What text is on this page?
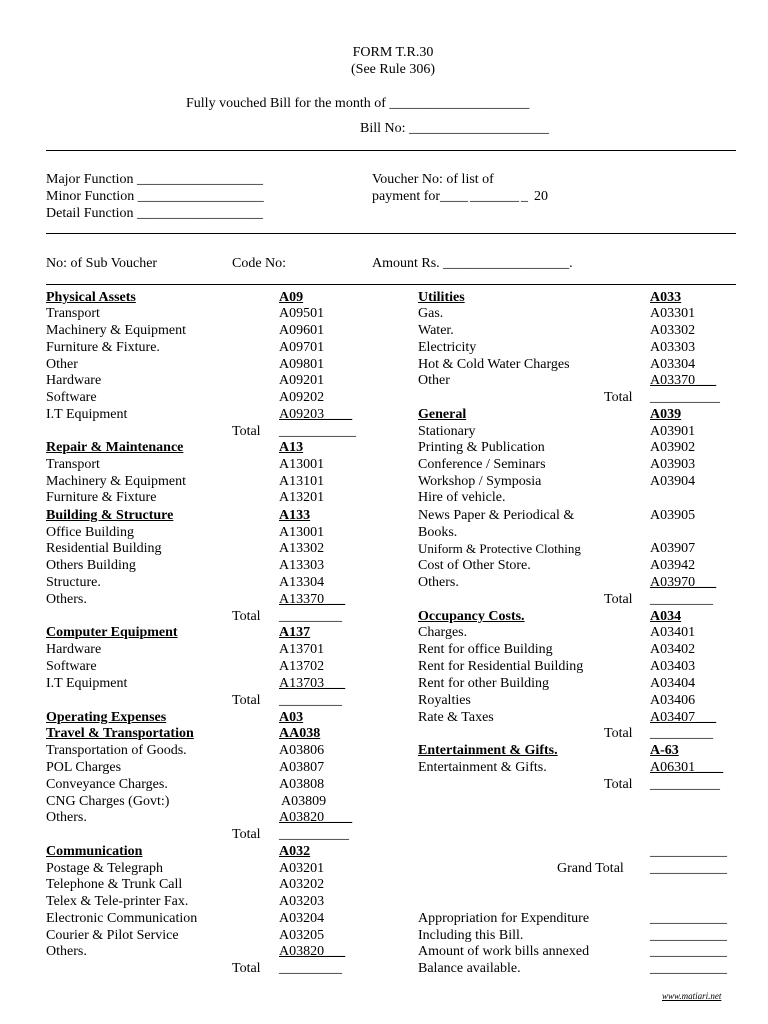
FORM T.R.30
(See Rule 306)
Fully vouched Bill for the month of ____________________
Bill No: ____________________
Major Function __________________
Minor Function __________________
Detail Function __________________
Voucher No: of list of
payment for____ _______ _ 20
No: of Sub Voucher	Code No:	Amount Rs. __________________.
Physical Assets	A09
Transport	A09501
Machinery & Equipment	A09601
Furniture & Fixture.	A09701
Other	A09801
Hardware	A09201
Software	A09202
I.T Equipment	A09203____
Total ___________
Repair & Maintenance	A13
Transport	A13001
Machinery & Equipment	A13101
Furniture & Fixture	A13201
Building & Structure	A133
Office Building	A13001
Residential Building	A13302
Others Building	A13303
Structure.	A13304
Others.	A13370___
Total _________
Computer Equipment	A137
Hardware	A13701
Software	A13702
I.T Equipment	A13703___
Total _________
Operating Expenses	A03
Travel & Transportation	AA038
Transportation of Goods.	A03806
POL Charges	A03807
Conveyance Charges.	A03808
CNG Charges (Govt:)	A03809
Others.	A03820____
Total __________
Communication	A032
Postage & Telegraph	A03201
Telephone & Trunk Call	A03202
Telex & Tele-printer Fax.	A03203
Electronic Communication	A03204
Courier & Pilot Service	A03205
Others.	A03820___
Total _________
Utilities	A033
Gas.	A03301
Water.	A03302
Electricity	A03303
Hot & Cold Water Charges	A03304
Other	A03370___
Total __________
General	A039
Stationary	A03901
Printing & Publication	A03902
Conference / Seminars	A03903
Workshop / Symposia	A03904
Hire of vehicle.
News Paper & Periodical &	A03905
Books.
Uniform & Protective Clothing	A03907
Cost of Other Store.	A03942
Others.	A03970___
Total _________
Occupancy Costs.	A034
Charges.	A03401
Rent for office Building	A03402
Rent for Residential Building	A03403
Rent for other Building	A03404
Royalties	A03406
Rate & Taxes	A03407___
Total _________
Entertainment & Gifts.	A-63
Entertainment & Gifts.	A06301____
Total __________
___________
Grand Total ___________
Appropriation for Expenditure	___________
Including this Bill.	___________
Amount of work bills annexed	___________
Balance available.	___________
www.matiari.net
